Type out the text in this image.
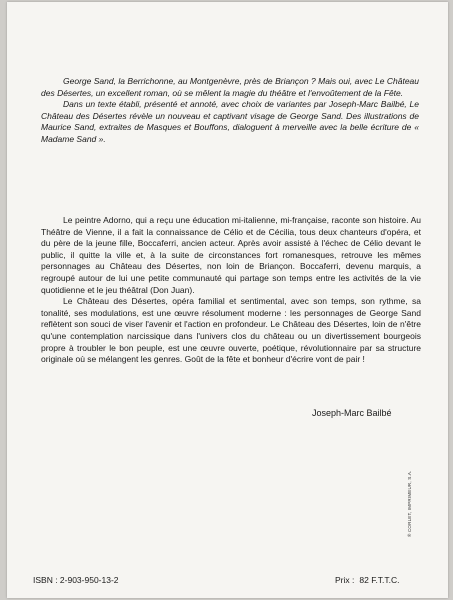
George Sand, la Berrichonne, au Montgenèvre, près de Briançon ? Mais oui, avec Le Château des Désertes, un excellent roman, où se mêlent la magie du théâtre et l'envoûtement de la Fête.

Dans un texte établi, présenté et annoté, avec choix de variantes par Joseph-Marc Bailbé, Le Château des Désertes révèle un nouveau et captivant visage de George Sand. Des illustrations de Maurice Sand, extraites de Masques et Bouffons, dialoguent à merveille avec la belle écriture de « Madame Sand ».

Le peintre Adorno, qui a reçu une éducation mi-italienne, mi-française, raconte son histoire. Au Théâtre de Vienne, il a fait la connaissance de Célio et de Cécilia, tous deux chanteurs d'opéra, et du père de la jeune fille, Boccaferri, ancien acteur. Après avoir assisté à l'échec de Célio devant le public, il quitte la ville et, à la suite de circonstances fort romanesques, retrouve les mêmes personnages au Château des Désertes, non loin de Briançon. Boccaferri, devenu marquis, a regroupé autour de lui une petite communauté qui partage son temps entre les activités de la vie quotidienne et le jeu théâtral (Don Juan).

Le Château des Désertes, opéra familial et sentimental, avec son temps, son rythme, sa tonalité, ses modulations, est une œuvre résolument moderne : les personnages de George Sand reflètent son souci de viser l'avenir et l'action en profondeur. Le Château des Désertes, loin de n'être qu'une contemplation narcissique dans l'univers clos du château ou un divertissement bourgeois propre à troubler le bon peuple, est une œuvre ouverte, poétique, révolutionnaire par sa structure originale où se mélangent les genres. Goût de la fête et bonheur d'écrire vont de pair !

Joseph-Marc Bailbé
® CORLET, IMPRIMEUR, S.A.
ISBN : 2-903-950-13-2	Prix : 82 F.T.T.C.
